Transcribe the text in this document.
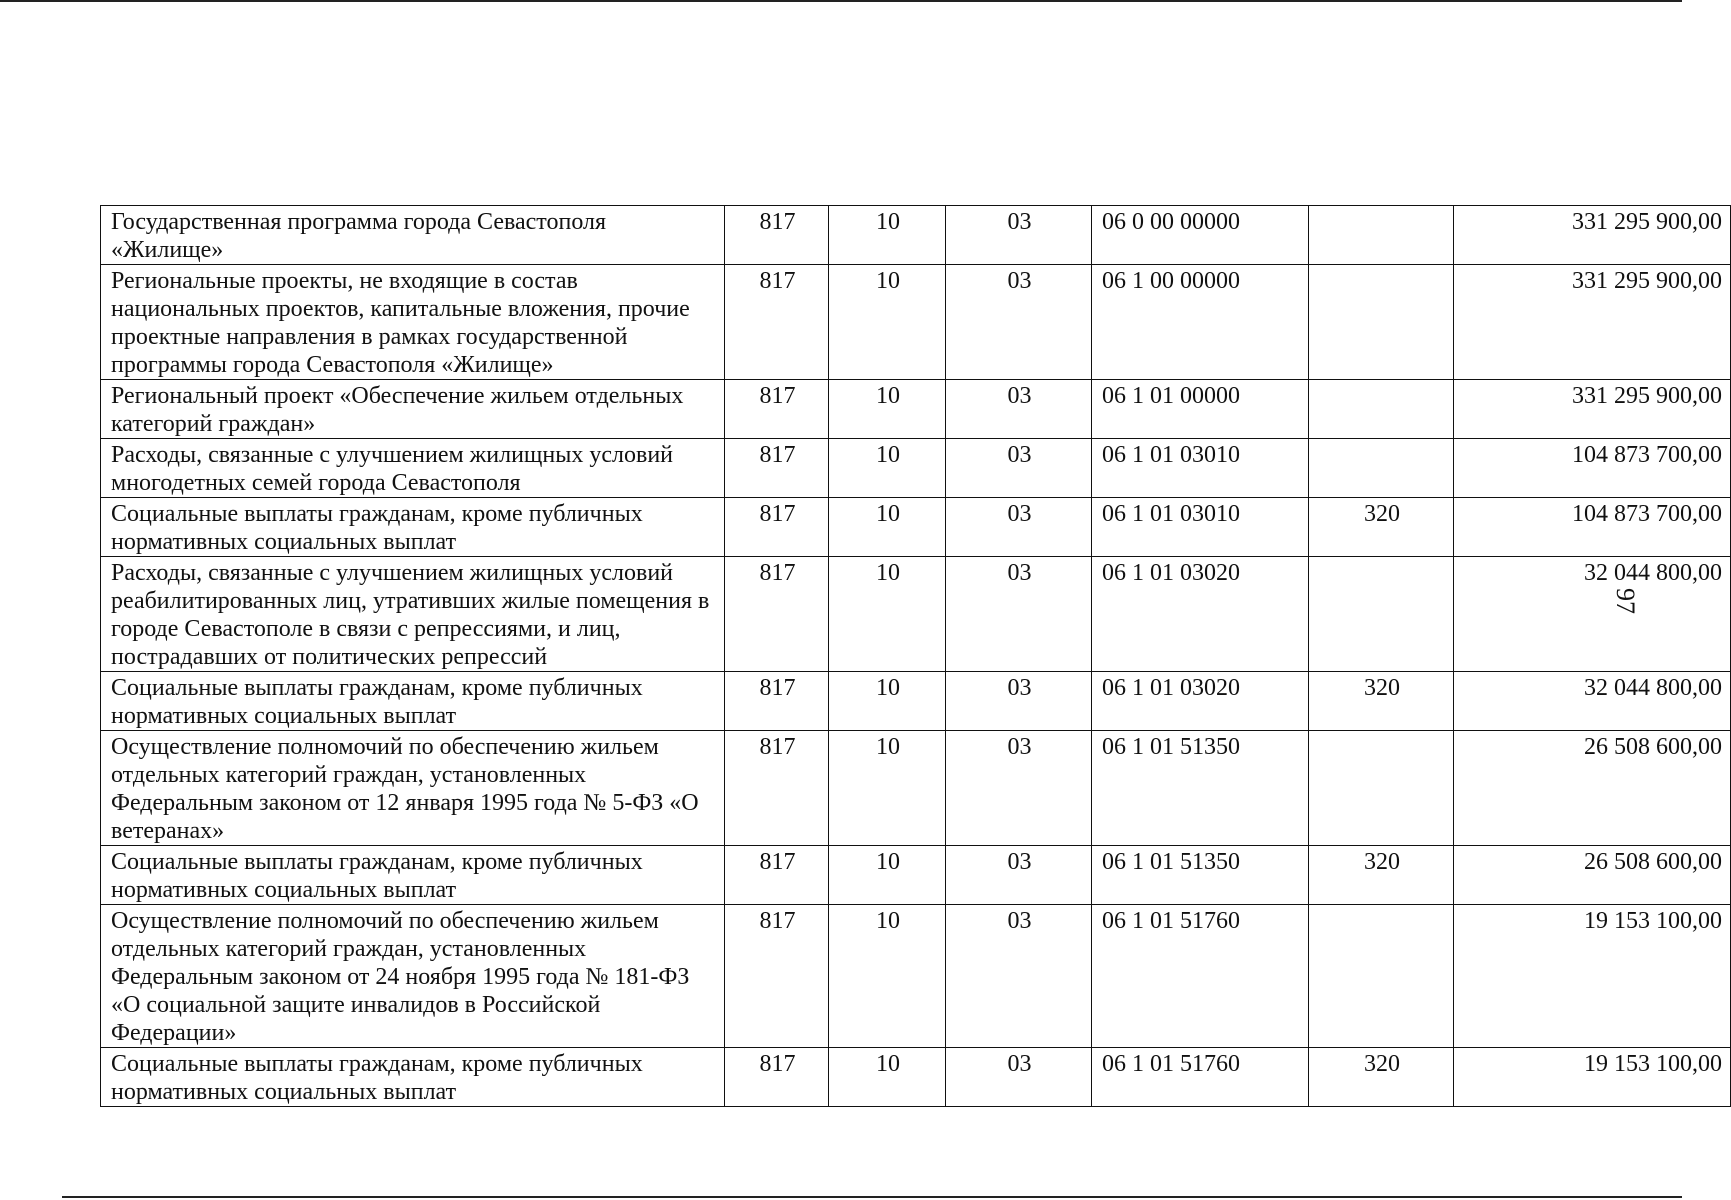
Государственная программа города Севастополя «Жилище»	817	10	03	06 0 00 00000		331 295 900,00
Региональные проекты, не входящие в состав национальных проектов, капитальные вложения, прочие проектные направления в рамках государственной программы города Севастополя «Жилище»	817	10	03	06 1 00 00000		331 295 900,00
Региональный проект «Обеспечение жильем отдельных категорий граждан»	817	10	03	06 1 01 00000		331 295 900,00
Расходы, связанные с улучшением жилищных условий многодетных семей города Севастополя	817	10	03	06 1 01 03010		104 873 700,00
Социальные выплаты гражданам, кроме публичных нормативных социальных выплат	817	10	03	06 1 01 03010	320	104 873 700,00
Расходы, связанные с улучшением жилищных условий реабилитированных лиц, утративших жилые помещения в городе Севастополе в связи с репрессиями, и лиц, пострадавших от политических репрессий	817	10	03	06 1 01 03020		32 044 800,00
Социальные выплаты гражданам, кроме публичных нормативных социальных выплат	817	10	03	06 1 01 03020	320	32 044 800,00
Осуществление полномочий по обеспечению жильем отдельных категорий граждан, установленных Федеральным законом от 12 января 1995 года № 5-ФЗ «О ветеранах»	817	10	03	06 1 01 51350		26 508 600,00
Социальные выплаты гражданам, кроме публичных нормативных социальных выплат	817	10	03	06 1 01 51350	320	26 508 600,00
Осуществление полномочий по обеспечению жильем отдельных категорий граждан, установленных Федеральным законом от 24 ноября 1995 года № 181-ФЗ «О социальной защите инвалидов в Российской Федерации»	817	10	03	06 1 01 51760		19 153 100,00
Социальные выплаты гражданам, кроме публичных нормативных социальных выплат	817	10	03	06 1 01 51760	320	19 153 100,00
97
